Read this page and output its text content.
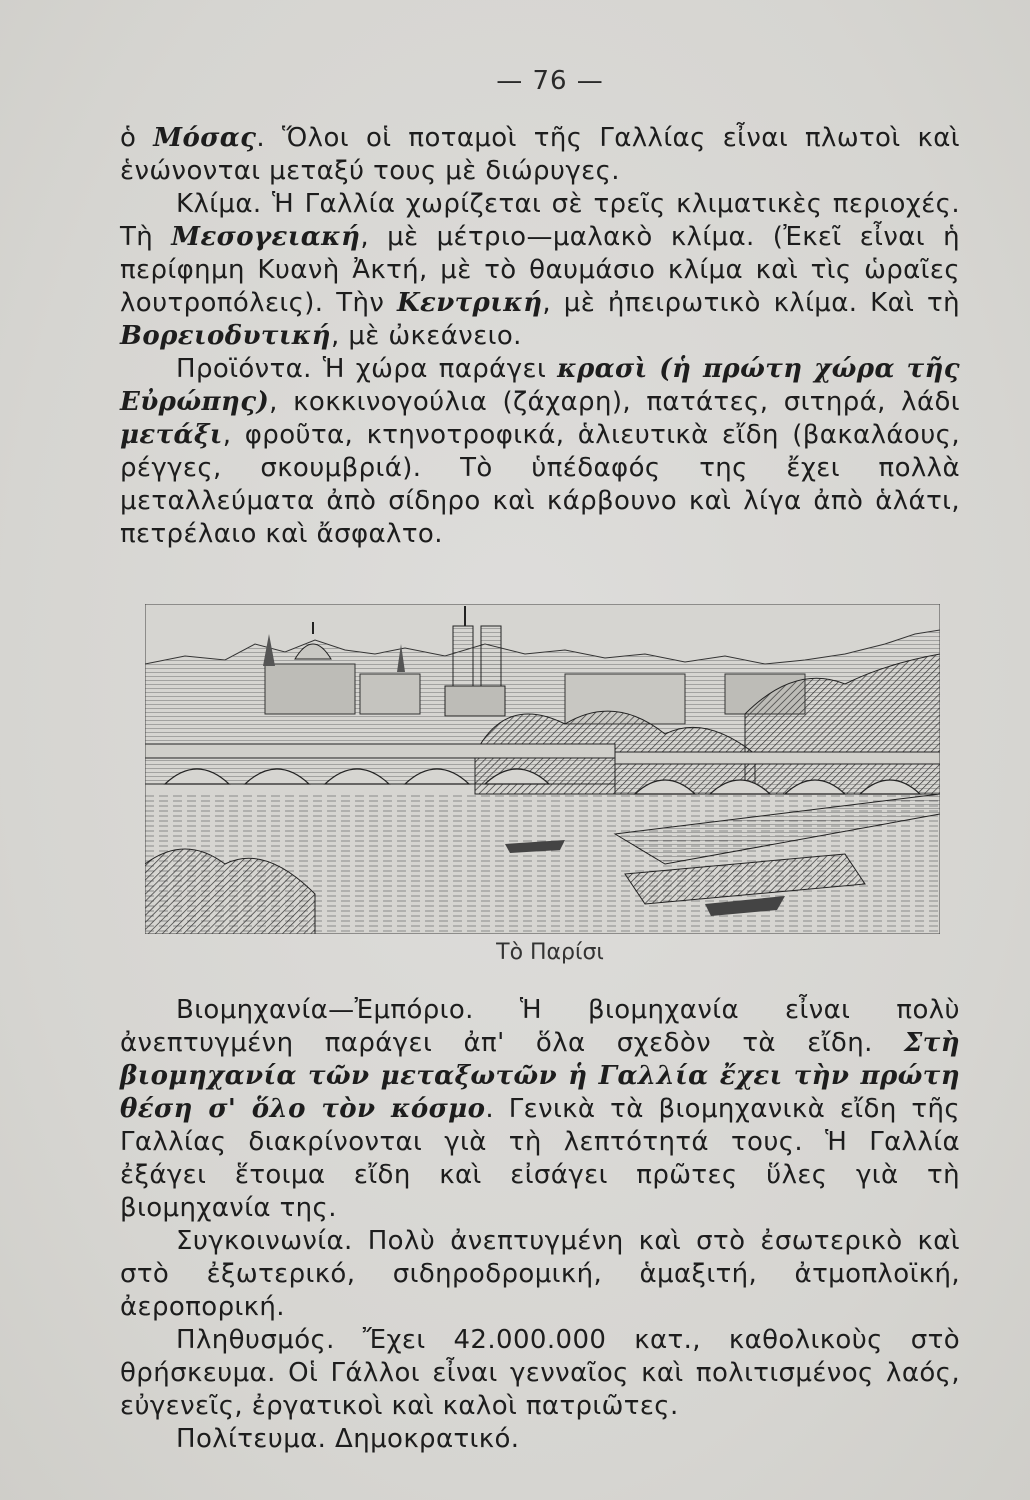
— 76 —

ὁ Μόσας. Ὅλοι οἱ ποταμοὶ τῆς Γαλλίας εἶναι πλωτοὶ καὶ ἑνώνονται μεταξύ τους μὲ διώρυγες.

Κλίμα. Ἡ Γαλλία χωρίζεται σὲ τρεῖς κλιματικὲς περιοχές. Τὴ Μεσογειακή, μὲ μέτριο—μαλακὸ κλίμα. (Ἐκεῖ εἶναι ἡ περίφημη Κυανὴ Ἀκτή, μὲ τὸ θαυμάσιο κλίμα καὶ τὶς ὡραῖες λουτροπόλεις). Τὴν Κεντρική, μὲ ἠπειρωτικὸ κλίμα. Καὶ τὴ Βορειοδυτική, μὲ ὠκεάνειο.

Προϊόντα. Ἡ χώρα παράγει κρασὶ (ἡ πρώτη χώρα τῆς Εὐρώπης), κοκκινογούλια (ζάχαρη), πατάτες, σιτηρά, λάδι μετάξι, φροῦτα, κτηνοτροφικά, ἁλιευτικὰ εἴδη (βακαλάους, ρέγγες, σκουμβριά). Τὸ ὑπέδαφός της ἔχει πολλὰ μεταλλεύματα ἀπὸ σίδηρο καὶ κάρβουνο καὶ λίγα ἀπὸ ἁλάτι, πετρέλαιο καὶ ἄσφαλτο.

Τὸ Παρίσι

Βιομηχανία—Ἐμπόριο. Ἡ βιομηχανία εἶναι πολὺ ἀνεπτυγμένη παράγει ἀπ' ὅλα σχεδὸν τὰ εἴδη. Στὴ βιομηχανία τῶν μεταξωτῶν ἡ Γαλλία ἔχει τὴν πρώτη θέση σ' ὅλο τὸν κόσμο. Γενικὰ τὰ βιομηχανικὰ εἴδη τῆς Γαλλίας διακρίνονται γιὰ τὴ λεπτότητά τους. Ἡ Γαλλία ἐξάγει ἕτοιμα εἴδη καὶ εἰσάγει πρῶτες ὕλες γιὰ τὴ βιομηχανία της.

Συγκοινωνία. Πολὺ ἀνεπτυγμένη καὶ στὸ ἐσωτερικὸ καὶ στὸ ἐξωτερικό, σιδηροδρομική, ἁμαξιτή, ἀτμοπλοϊκή, ἀεροπορική.

Πληθυσμός. Ἔχει 42.000.000 κατ., καθολικοὺς στὸ θρήσκευμα. Οἱ Γάλλοι εἶναι γενναῖος καὶ πολιτισμένος λαός, εὐγενεῖς, ἐργατικοὶ καὶ καλοὶ πατριῶτες.

Πολίτευμα. Δημοκρατικό.
